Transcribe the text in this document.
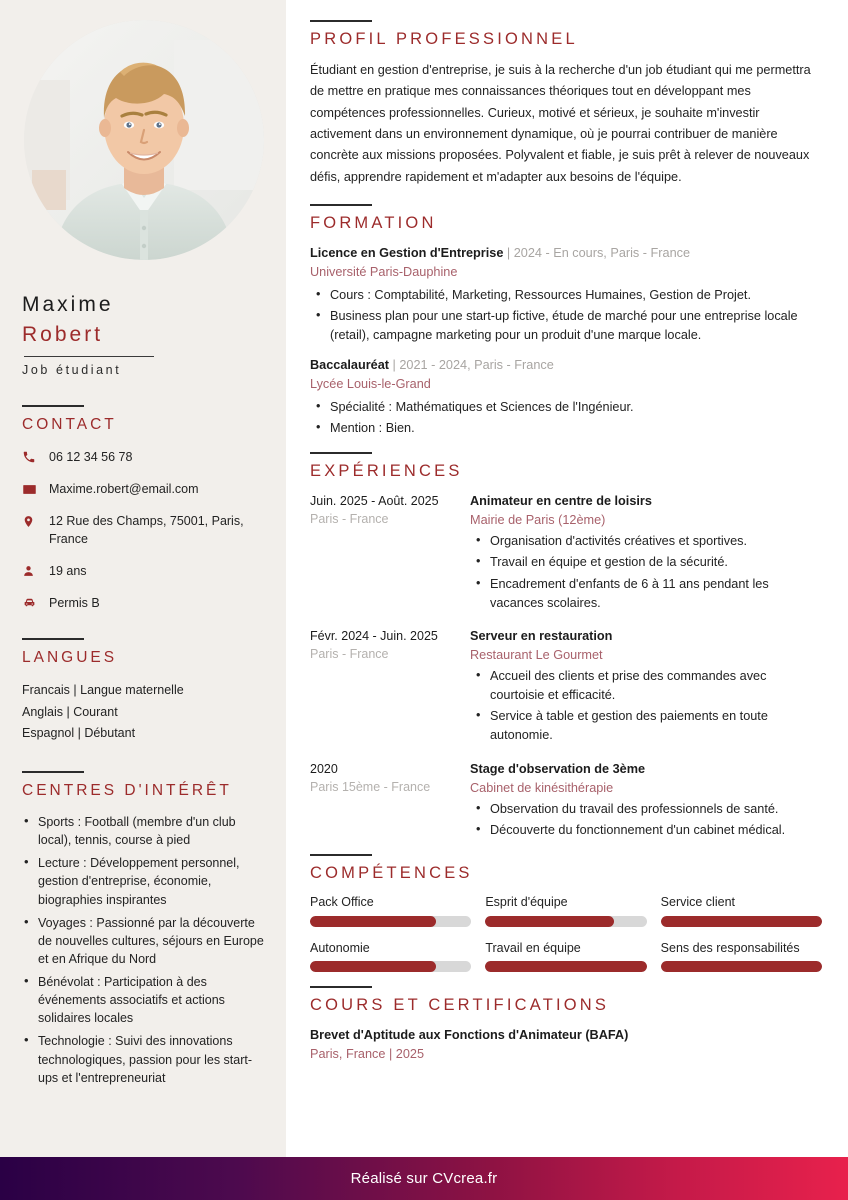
Maxime
Robert
Job étudiant
CONTACT
06 12 34 56 78
Maxime.robert@email.com
12 Rue des Champs, 75001, Paris, France
19 ans
Permis B
LANGUES
Francais | Langue maternelle
Anglais | Courant
Espagnol | Débutant
CENTRES D'INTÉRÊT
• Sports : Football (membre d'un club local), tennis, course à pied
• Lecture : Développement personnel, gestion d'entreprise, économie, biographies inspirantes
• Voyages : Passionné par la découverte de nouvelles cultures, séjours en Europe et en Afrique du Nord
• Bénévolat : Participation à des événements associatifs et actions solidaires locales
• Technologie : Suivi des innovations technologiques, passion pour les start-ups et l'entrepreneuriat
PROFIL PROFESSIONNEL

Étudiant en gestion d'entreprise, je suis à la recherche d'un job étudiant qui me permettra de mettre en pratique mes connaissances théoriques tout en développant mes compétences professionnelles. Curieux, motivé et sérieux, je souhaite m'investir activement dans un environnement dynamique, où je pourrai contribuer de manière concrète aux missions proposées. Polyvalent et fiable, je suis prêt à relever de nouveaux défis, apprendre rapidement et m'adapter aux besoins de l'équipe.

FORMATION
Licence en Gestion d'Entreprise | 2024 - En cours, Paris - France
Université Paris-Dauphine
• Cours : Comptabilité, Marketing, Ressources Humaines, Gestion de Projet.
• Business plan pour une start-up fictive, étude de marché pour une entreprise locale (retail), campagne marketing pour un produit d'une marque locale.
Baccalauréat | 2021 - 2024, Paris - France
Lycée Louis-le-Grand
• Spécialité : Mathématiques et Sciences de l'Ingénieur.
• Mention : Bien.
EXPÉRIENCES
Juin. 2025 - Août. 2025
Paris - France
Animateur en centre de loisirs
Mairie de Paris (12ème)
• Organisation d'activités créatives et sportives.
• Travail en équipe et gestion de la sécurité.
• Encadrement d'enfants de 6 à 11 ans pendant les vacances scolaires.
Févr. 2024 - Juin. 2025
Paris - France
Serveur en restauration
Restaurant Le Gourmet
• Accueil des clients et prise des commandes avec courtoisie et efficacité.
• Service à table et gestion des paiements en toute autonomie.
2020
Paris 15ème - France
Stage d'observation de 3ème
Cabinet de kinésithérapie
• Observation du travail des professionnels de santé.
• Découverte du fonctionnement d'un cabinet médical.
COMPÉTENCES
Pack Office	Esprit d'équipe	Service client
Autonomie	Travail en équipe	Sens des responsabilités
COURS ET CERTIFICATIONS
Brevet d'Aptitude aux Fonctions d'Animateur (BAFA)
Paris, France | 2025
Réalisé sur CVcrea.fr
